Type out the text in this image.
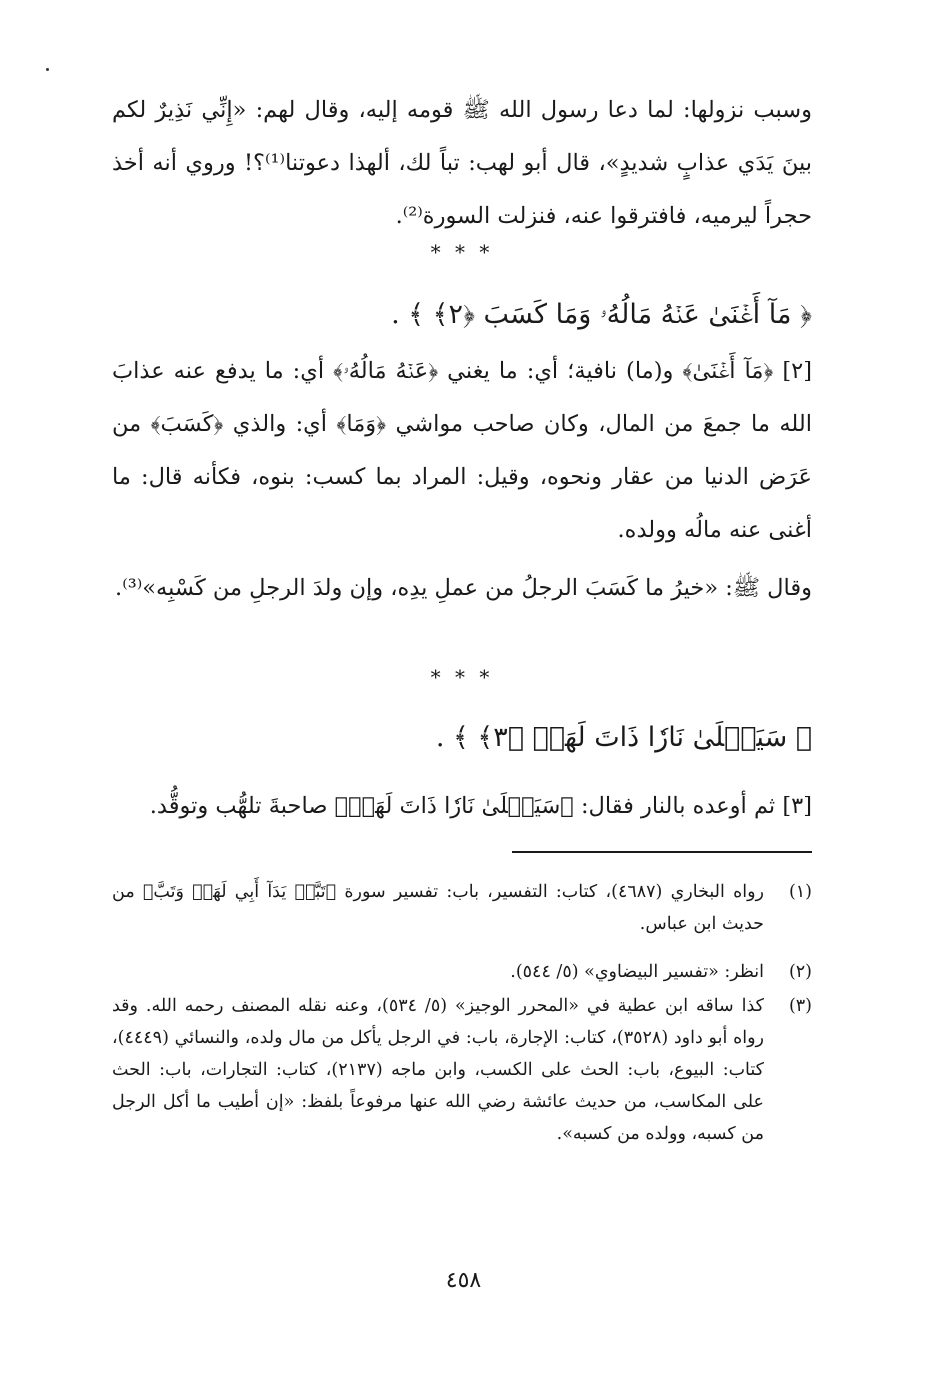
وسبب نزولها: لما دعا رسول الله ﷺ قومه إليه، وقال لهم: «إِنِّي نَذِيرٌ لكم بينَ يَدَي عذابٍ شديدٍ»، قال أبو لهب: تباً لك، ألهذا دعوتنا⁽¹⁾؟! وروي أنه أخذ حجراً ليرميه، فافترقوا عنه، فنزلت السورة⁽²⁾.

* * *
﴿ مَآ أَغۡنَىٰ عَنۡهُ مَالُهُۥ وَمَا كَسَبَ ﴿٢﴾ ﴾ .

[٢] ﴿مَآ أَغۡنَىٰ﴾ و(ما) نافية؛ أي: ما يغني ﴿عَنۡهُ مَالُهُۥ﴾ أي: ما يدفع عنه عذابَ الله ما جمعَ من المال، وكان صاحب مواشي ﴿وَمَا﴾ أي: والذي ﴿كَسَبَ﴾ من عَرَض الدنيا من عقار ونحوه، وقيل: المراد بما كسب: بنوه، فكأنه قال: ما أغنى عنه مالُه وولده.

وقال ﷺ: «خيرُ ما كَسَبَ الرجلُ من عملِ يدِه، وإن ولدَ الرجلِ من كَسْبِه»⁽³⁾.

* * *
﴿ سَيَصۡلَىٰ نَارٗا ذَاتَ لَهَبٖ ﴿٣﴾ ﴾ .

[٣] ثم أوعده بالنار فقال: ﴿سَيَصۡلَىٰ نَارٗا ذَاتَ لَهَبٖ﴾ صاحبةَ تلهُّب وتوقُّد.

(١)
رواه البخاري (٤٦٨٧)، كتاب: التفسير، باب: تفسير سورة ﴿تَبَّتۡ يَدَآ أَبِي لَهَبٖ وَتَبَّ﴾ من حديث ابن عباس.
(٢)
انظر: «تفسير البيضاوي» (٥/ ٥٤٤).
(٣)
كذا ساقه ابن عطية في «المحرر الوجيز» (٥/ ٥٣٤)، وعنه نقله المصنف رحمه الله. وقد رواه أبو داود (٣٥٢٨)، كتاب: الإجارة، باب: في الرجل يأكل من مال ولده، والنسائي (٤٤٤٩)، كتاب: البيوع، باب: الحث على الكسب، وابن ماجه (٢١٣٧)، كتاب: التجارات، باب: الحث على المكاسب، من حديث عائشة رضي الله عنها مرفوعاً بلفظ: «إن أطيب ما أكل الرجل من كسبه، وولده من كسبه».
٤٥٨
